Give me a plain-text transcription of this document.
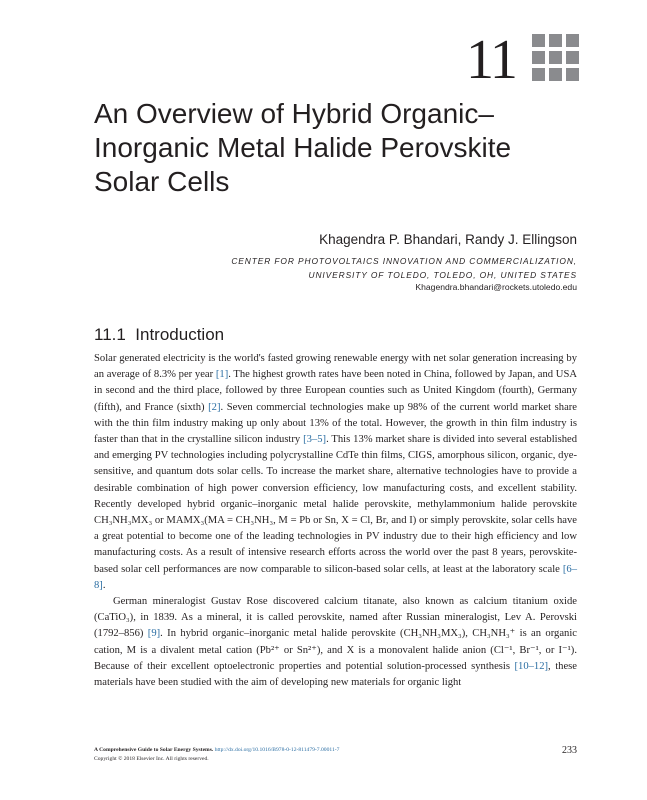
11
An Overview of Hybrid Organic–Inorganic Metal Halide Perovskite Solar Cells
Khagendra P. Bhandari, Randy J. Ellingson
CENTER FOR PHOTOVOLTAICS INNOVATION AND COMMERCIALIZATION,
UNIVERSITY OF TOLEDO, TOLEDO, OH, UNITED STATES
Khagendra.bhandari@rockets.utoledo.edu
11.1 Introduction

Solar generated electricity is the world's fasted growing renewable energy with net solar generation increasing by an average of 8.3% per year [1]. The highest growth rates have been noted in China, followed by Japan, and USA in second and the third place, followed by three European counties such as United Kingdom (fourth), Germany (fifth), and France (sixth) [2]. Seven commercial technologies make up 98% of the current world market share with the thin film industry making up only about 13% of the total. However, the growth in thin film industry is faster than that in the crystalline silicon industry [3–5]. This 13% market share is divided into several established and emerging PV technologies including polycrystalline CdTe thin films, CIGS, amorphous silicon, organic, dye-sensitive, and quantum dots solar cells. To increase the market share, alternative technologies have to provide a desirable combination of high power conversion efficiency, low manufacturing costs, and excellent stability. Recently developed hybrid organic–inorganic metal halide perovskite, methylammonium halide perovskite CH₃NH₃MX₃ or MAMX₃(MA = CH₃NH₃, M = Pb or Sn, X = Cl, Br, and I) or simply perovskite, solar cells have a great potential to become one of the leading technologies in PV industry due to their high efficiency and low manufacturing costs. As a result of intensive research efforts across the world over the past 8 years, perovskite-based solar cell performances are now comparable to silicon-based solar cells, at least at the laboratory scale [6–8].

German mineralogist Gustav Rose discovered calcium titanate, also known as calcium titanium oxide (CaTiO₃), in 1839. As a mineral, it is called perovskite, named after Russian mineralogist, Lev A. Perovski (1792–856) [9]. In hybrid organic–inorganic metal halide perovskite (CH₃NH₃MX₃), CH₃NH₃⁺ is an organic cation, M is a divalent metal cation (Pb²⁺ or Sn²⁺), and X is a monovalent halide anion (Cl⁻¹, Br⁻¹, or I⁻¹). Because of their excellent optoelectronic properties and potential solution-processed synthesis [10–12], these materials have been studied with the aim of developing new materials for organic light

A Comprehensive Guide to Solar Energy Systems. http://dx.doi.org/10.1016/B978-0-12-811479-7.00011-7
Copyright © 2018 Elsevier Inc. All rights reserved.
233
